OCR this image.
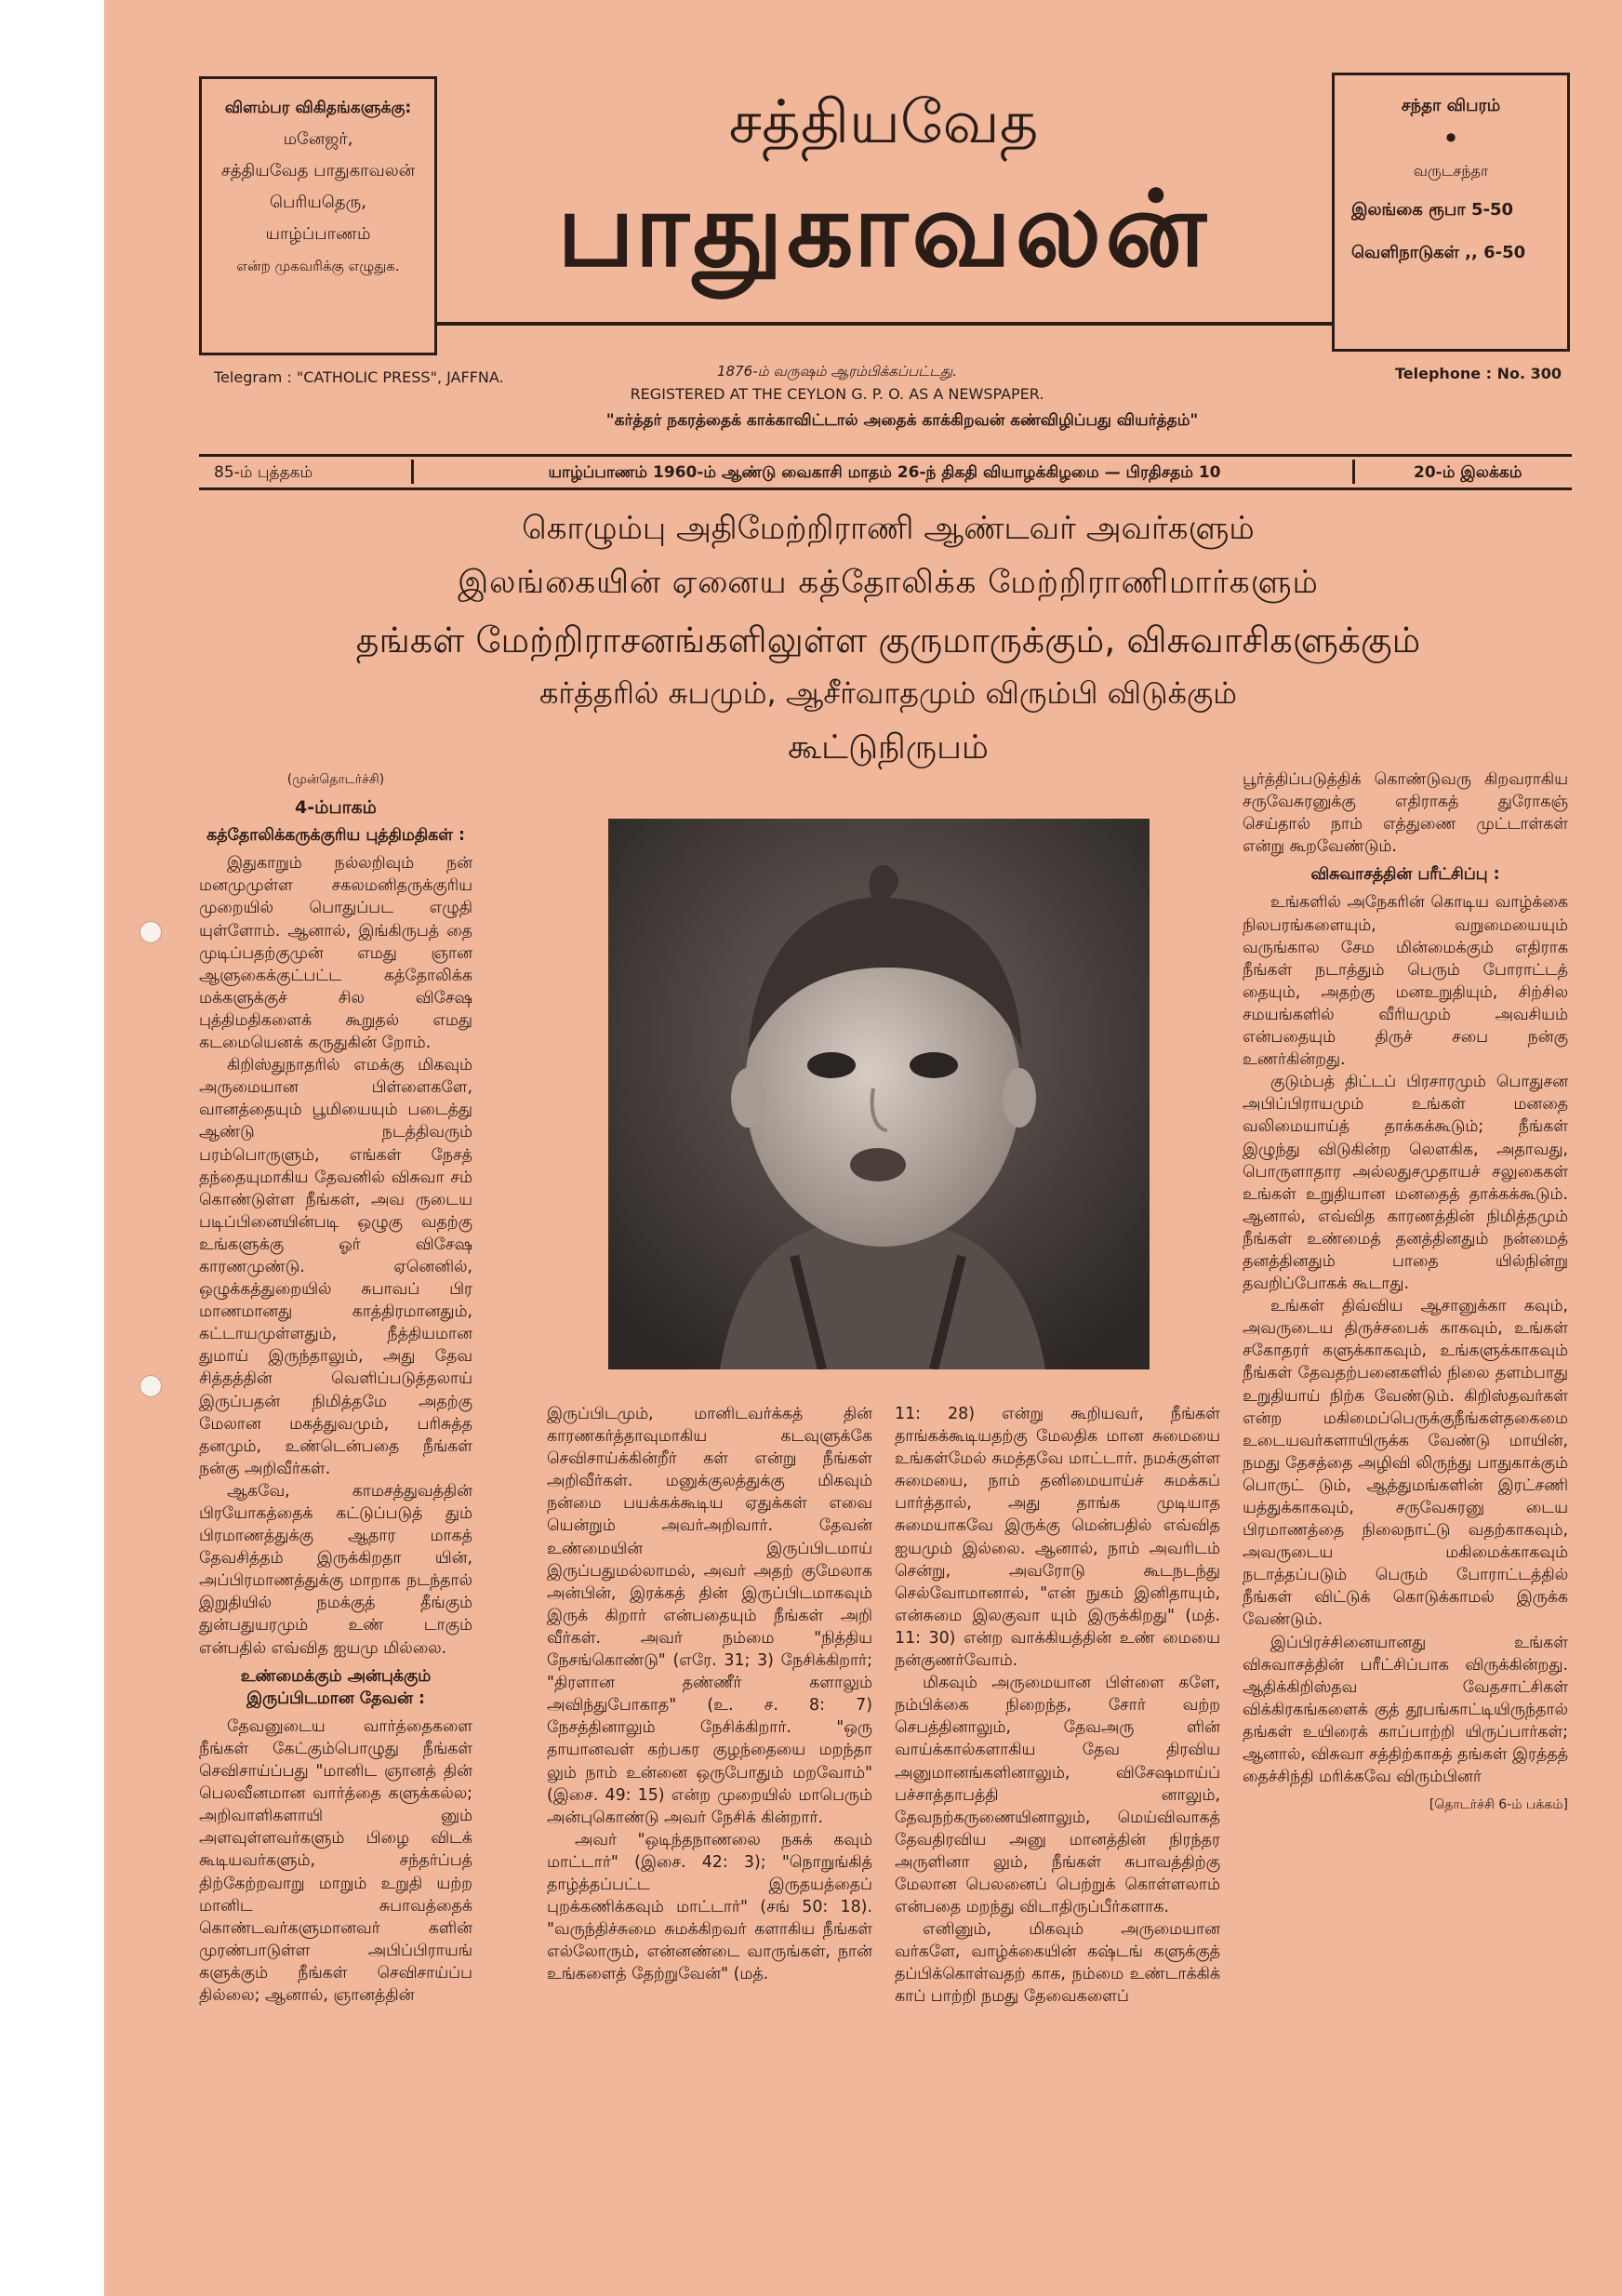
விளம்பர விகிதங்களுக்கு:
மனேஜர்,
சத்தியவேத பாதுகாவலன்
பெரியதெரு,
யாழ்ப்பாணம்
என்ற முகவரிக்கு எழுதுக.
சத்தியவேத
பாதுகாவலன்
சந்தா விபரம்
•
வருடசந்தா
இலங்கை ரூபா 5-50
வெளிநாடுகள் ,, 6-50
Telegram : "CATHOLIC PRESS", JAFFNA.	Telephone : No. 300
1876-ம் வருஷம் ஆரம்பிக்கப்பட்டது.
REGISTERED AT THE CEYLON G. P. O. AS A NEWSPAPER.
"கர்த்தர் நகரத்தைக் காக்காவிட்டால் அதைக் காக்கிறவன் கண்விழிப்பது வியர்த்தம்"
85-ம் புத்தகம்	யாழ்ப்பாணம் 1960-ம் ஆண்டு வைகாசி மாதம் 26-ந் திகதி வியாழக்கிழமை — பிரதிசதம் 10	20-ம் இலக்கம்
கொழும்பு அதிமேற்றிராணி ஆண்டவர் அவர்களும்
இலங்கையின் ஏனைய கத்தோலிக்க மேற்றிராணிமார்களும்
தங்கள் மேற்றிராசனங்களிலுள்ள குருமாருக்கும், விசுவாசிகளுக்கும்
கர்த்தரில் சுபமும், ஆசீர்வாதமும் விரும்பி விடுக்கும்
கூட்டுநிருபம்

(முன்தொடர்ச்சி)

4-ம்பாகம்

கத்தோலிக்கருக்குரிய புத்திமதிகள் :

இதுகாறும் நல்லறிவும் நன் மனமுமுள்ள சகலமனிதருக்குரிய முறையில் பொதுப்பட எழுதி யுள்ளோம். ஆனால், இங்கிருபத் தை முடிப்பதற்குமுன் எமது ஞான ஆளுகைக்குட்பட்ட கத்தோலிக்க மக்களுக்குச் சில விசேஷ புத்திமதிகளைக் கூறுதல் எமது கடமையெனக் கருதுகின் றோம்.

கிறிஸ்துநாதரில் எமக்கு மிகவும் அருமையான பிள்ளைகளே, வானத்தையும் பூமியையும் படைத்து ஆண்டு நடத்திவரும் பரம்பொருளும், எங்கள் நேசத் தந்தையுமாகிய தேவனில் விசுவா சம் கொண்டுள்ள நீங்கள், அவ ருடைய படிப்பினையின்படி ஒழுகு வதற்கு உங்களுக்கு ஓர் விசேஷ காரணமுண்டு. ஏனெனில், ஒழுக்கத்துறையில் சுபாவப் பிர மாணமானது காத்திரமானதும், கட்டாயமுள்ளதும், நீத்தியமான துமாய் இருந்தாலும், அது தேவ சித்தத்தின் வெளிப்படுத்தலாய் இருப்பதன் நிமித்தமே அதற்கு மேலான மகத்துவமும், பரிசுத்த தனமும், உண்டென்பதை நீங்கள் நன்கு அறிவீர்கள்.

ஆகவே, காமசத்துவத்தின் பிரயோகத்தைக் கட்டுப்படுத் தும் பிரமாணத்துக்கு ஆதார மாகத் தேவசித்தம் இருக்கிறதா யின், அப்பிரமாணத்துக்கு மாறாக நடந்தால் இறுதியில் நமக்குத் தீங்கும் துன்பதுயரமும் உண் டாகும் என்பதில் எவ்வித ஐயமு மில்லை.

உண்மைக்கும் அன்புக்கும் இருப்பிடமான தேவன் :

தேவனுடைய வார்த்தைகளை நீங்கள் கேட்கும்பொழுது நீங்கள் செவிசாய்ப்பது "மானிட ஞானத் தின் பெலவீனமான வார்த்தை களுக்கல்ல; அறிவாளிகளாயி னும் அளவுள்ளவர்களும் பிழை விடக் கூடியவர்களும், சந்தர்ப்பத் திற்கேற்றவாறு மாறும் உறுதி யற்ற மானிட சுபாவத்தைக் கொண்டவர்களுமானவர் களின் முரண்பாடுள்ள அபிப்பிராயங் களுக்கும் நீங்கள் செவிசாய்ப்ப தில்லை; ஆனால், ஞானத்தின்

இருப்பிடமும், மானிடவர்க்கத் தின் காரணகர்த்தாவுமாகிய கடவுளுக்கே செவிசாய்க்கின்றீர் கள் என்று நீங்கள் அறிவீர்கள். மனுக்குலத்துக்கு மிகவும் நன்மை பயக்கக்கூடிய ஏதுக்கள் எவை யென்றும் அவர்அறிவார். தேவன் உண்மையின் இருப்பிடமாய் இருப்பதுமல்லாமல், அவர் அதற் குமேலாக அன்பின், இரக்கத் தின் இருப்பிடமாகவும் இருக் கிறார் என்பதையும் நீங்கள் அறி வீர்கள். அவர் நம்மை "நித்திய நேசங்கொண்டு" (எரே. 31; 3) நேசிக்கிறார்; "திரளான தண்ணீர் களாலும் அவிந்துபோகாத" (உ. ச. 8: 7) நேசத்தினாலும் நேசிக்கிறார். "ஒரு தாயானவள் கற்பகர குழந்தையை மறந்தா லும் நாம் உன்னை ஒருபோதும் மறவோம்" (இசை. 49: 15) என்ற முறையில் மாபெரும் அன்புகொண்டு அவர் நேசிக் கின்றார்.

அவர் "ஒடிந்தநாணலை நசுக் கவும் மாட்டார்" (இசை. 42: 3); "நொறுங்கித் தாழ்த்தப்பட்ட இருதயத்தைப் புறக்கணிக்கவும் மாட்டார்" (சங் 50: 18). "வருந்திச்சுமை சுமக்கிறவர் களாகிய நீங்கள் எல்லோரும், என்னண்டை வாருங்கள், நான் உங்களைத் தேற்றுவேன்" (மத்.

11: 28) என்று கூறியவர், நீங்கள் தாங்கக்கூடியதற்கு மேலதிக மான சுமையை உங்கள்மேல் சுமத்தவே மாட்டார். நமக்குள்ள சுமையை, நாம் தனிமையாய்ச் சுமக்கப் பார்த்தால், அது தாங்க முடியாத சுமையாகவே இருக்கு மென்பதில் எவ்வித ஐயமும் இல்லை. ஆனால், நாம் அவரிடம் சென்று, அவரோடு கூடநடந்து செல்வோமானால், "என் நுகம் இனிதாயும், என்சுமை இலகுவா யும் இருக்கிறது" (மத். 11: 30) என்ற வாக்கியத்தின் உண் மையை நன்குணர்வோம்.

மிகவும் அருமையான பிள்ளை களே, நம்பிக்கை நிறைந்த, சோர் வற்ற செபத்தினாலும், தேவஅரு ளின் வாய்க்கால்களாகிய தேவ திரவிய அனுமானங்களினாலும், விசேஷமாய்ப் பச்சாத்தாபத்தி னாலும், தேவநற்கருணையினாலும், மெய்விவாகத் தேவதிரவிய அனு மானத்தின் நிரந்தர அருளினா லும், நீங்கள் சுபாவத்திற்கு மேலான பெலனைப் பெற்றுக் கொள்ளலாம் என்பதை மறந்து விடாதிருப்பீர்களாக.

எனினும், மிகவும் அருமையான வர்களே, வாழ்க்கையின் கஷ்டங் களுக்குத் தப்பிக்கொள்வதற் காக, நம்மை உண்டாக்கிக் காப் பாற்றி நமது தேவைகளைப்

பூர்த்திப்படுத்திக் கொண்டுவரு கிறவராகிய சருவேசுரனுக்கு எதிராகத் துரோகஞ் செய்தால் நாம் எத்துணை முட்டாள்கள் என்று கூறவேண்டும்.

விசுவாசத்தின் பரீட்சிப்பு :

உங்களில் அநேகரின் கொடிய வாழ்க்கை நிலபரங்களையும், வறுமையையும் வருங்கால சேம மின்மைக்கும் எதிராக நீங்கள் நடாத்தும் பெரும் போராட்டத் தையும், அதற்கு மனஉறுதியும், சிற்சில சமயங்களில் வீரியமும் அவசியம் என்பதையும் திருச் சபை நன்கு உணர்கின்றது.

குடும்பத் திட்டப் பிரசாரமும் பொதுசன அபிப்பிராயமும் உங்கள் மனதை வலிமையாய்த் தாக்கக்கூடும்; நீங்கள் இழுந்து விடுகின்ற லௌகிக, அதாவது, பொருளாதார அல்லதுசமுதாயச் சலுகைகள் உங்கள் உறுதியான மனதைத் தாக்கக்கூடும். ஆனால், எவ்வித காரணத்தின் நிமித்தமும் நீங்கள் உண்மைத் தனத்தினதும் நன்மைத் தனத்தினதும் பாதை யில்நின்று தவறிப்போகக் கூடாது.

உங்கள் திவ்விய ஆசானுக்கா கவும், அவருடைய திருச்சபைக் காகவும், உங்கள் சகோதரர் களுக்காகவும், உங்களுக்காகவும் நீங்கள் தேவதற்பனைகளில் நிலை தளம்பாது உறுதியாய் நிற்க வேண்டும். கிறிஸ்தவர்கள் என்ற மகிமைப்பெருக்குநீங்கள்தகைமை உடையவர்களாயிருக்க வேண்டு மாயின், நமது தேசத்தை அழிவி லிருந்து பாதுகாக்கும் பொருட் டும், ஆத்துமங்களின் இரட்சணி யத்துக்காகவும், சருவேசுரனு டைய பிரமாணத்தை நிலைநாட்டு வதற்காகவும், அவருடைய மகிமைக்காகவும் நடாத்தப்படும் பெரும் போராட்டத்தில் நீங்கள் விட்டுக் கொடுக்காமல் இருக்க வேண்டும்.

இப்பிரச்சினையானது உங்கள் விசுவாசத்தின் பரீட்சிப்பாக விருக்கின்றது. ஆதிக்கிறிஸ்தவ வேதசாட்சிகள் விக்கிரகங்களைக் குத் தூபங்காட்டியிருந்தால் தங்கள் உயிரைக் காப்பாற்றி யிருப்பார்கள்; ஆனால், விசுவா சத்திற்காகத் தங்கள் இரத்தத் தைச்சிந்தி மரிக்கவே விரும்பினர்

[தொடர்ச்சி 6-ம் பக்கம்]
